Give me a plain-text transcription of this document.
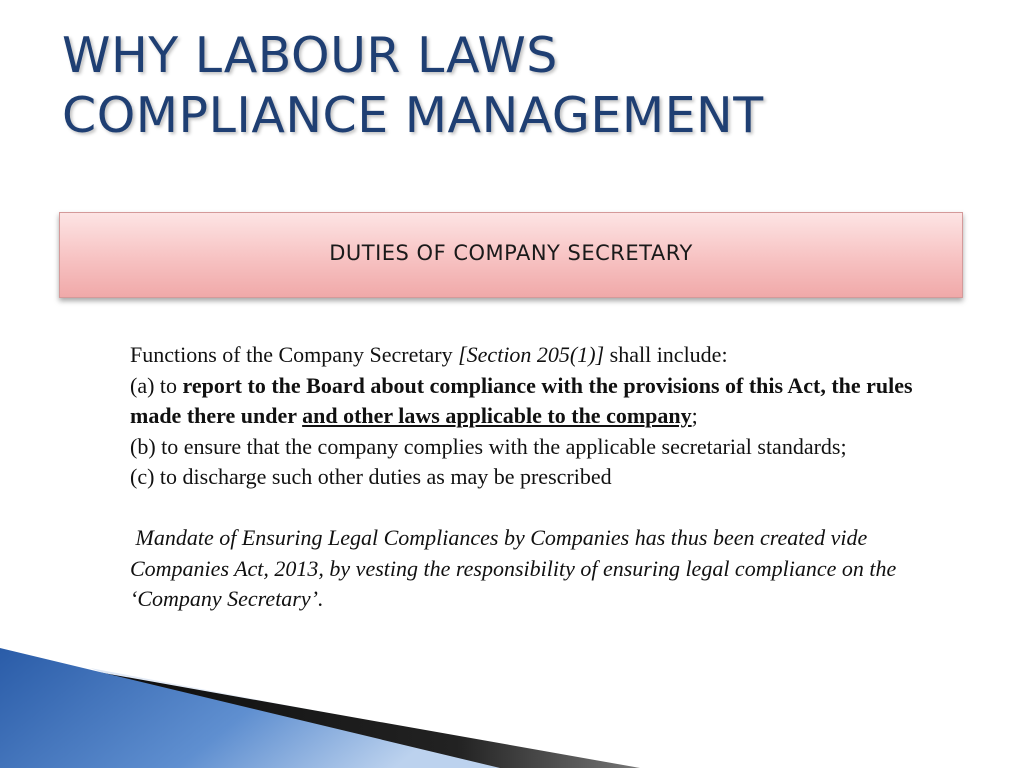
WHY LABOUR LAWS
COMPLIANCE MANAGEMENT
DUTIES OF COMPANY SECRETARY

Functions of the Company Secretary [Section 205(1)] shall include:

(a) to report to the Board about compliance with the provisions of this Act, the rules made there under and other laws applicable to the company;

(b) to ensure that the company complies with the applicable secretarial standards;

(c) to discharge such other duties as may be prescribed

Mandate of Ensuring Legal Compliances by Companies has thus been created vide Companies Act, 2013, by vesting the responsibility of ensuring legal compliance on the ‘Company Secretary’.
